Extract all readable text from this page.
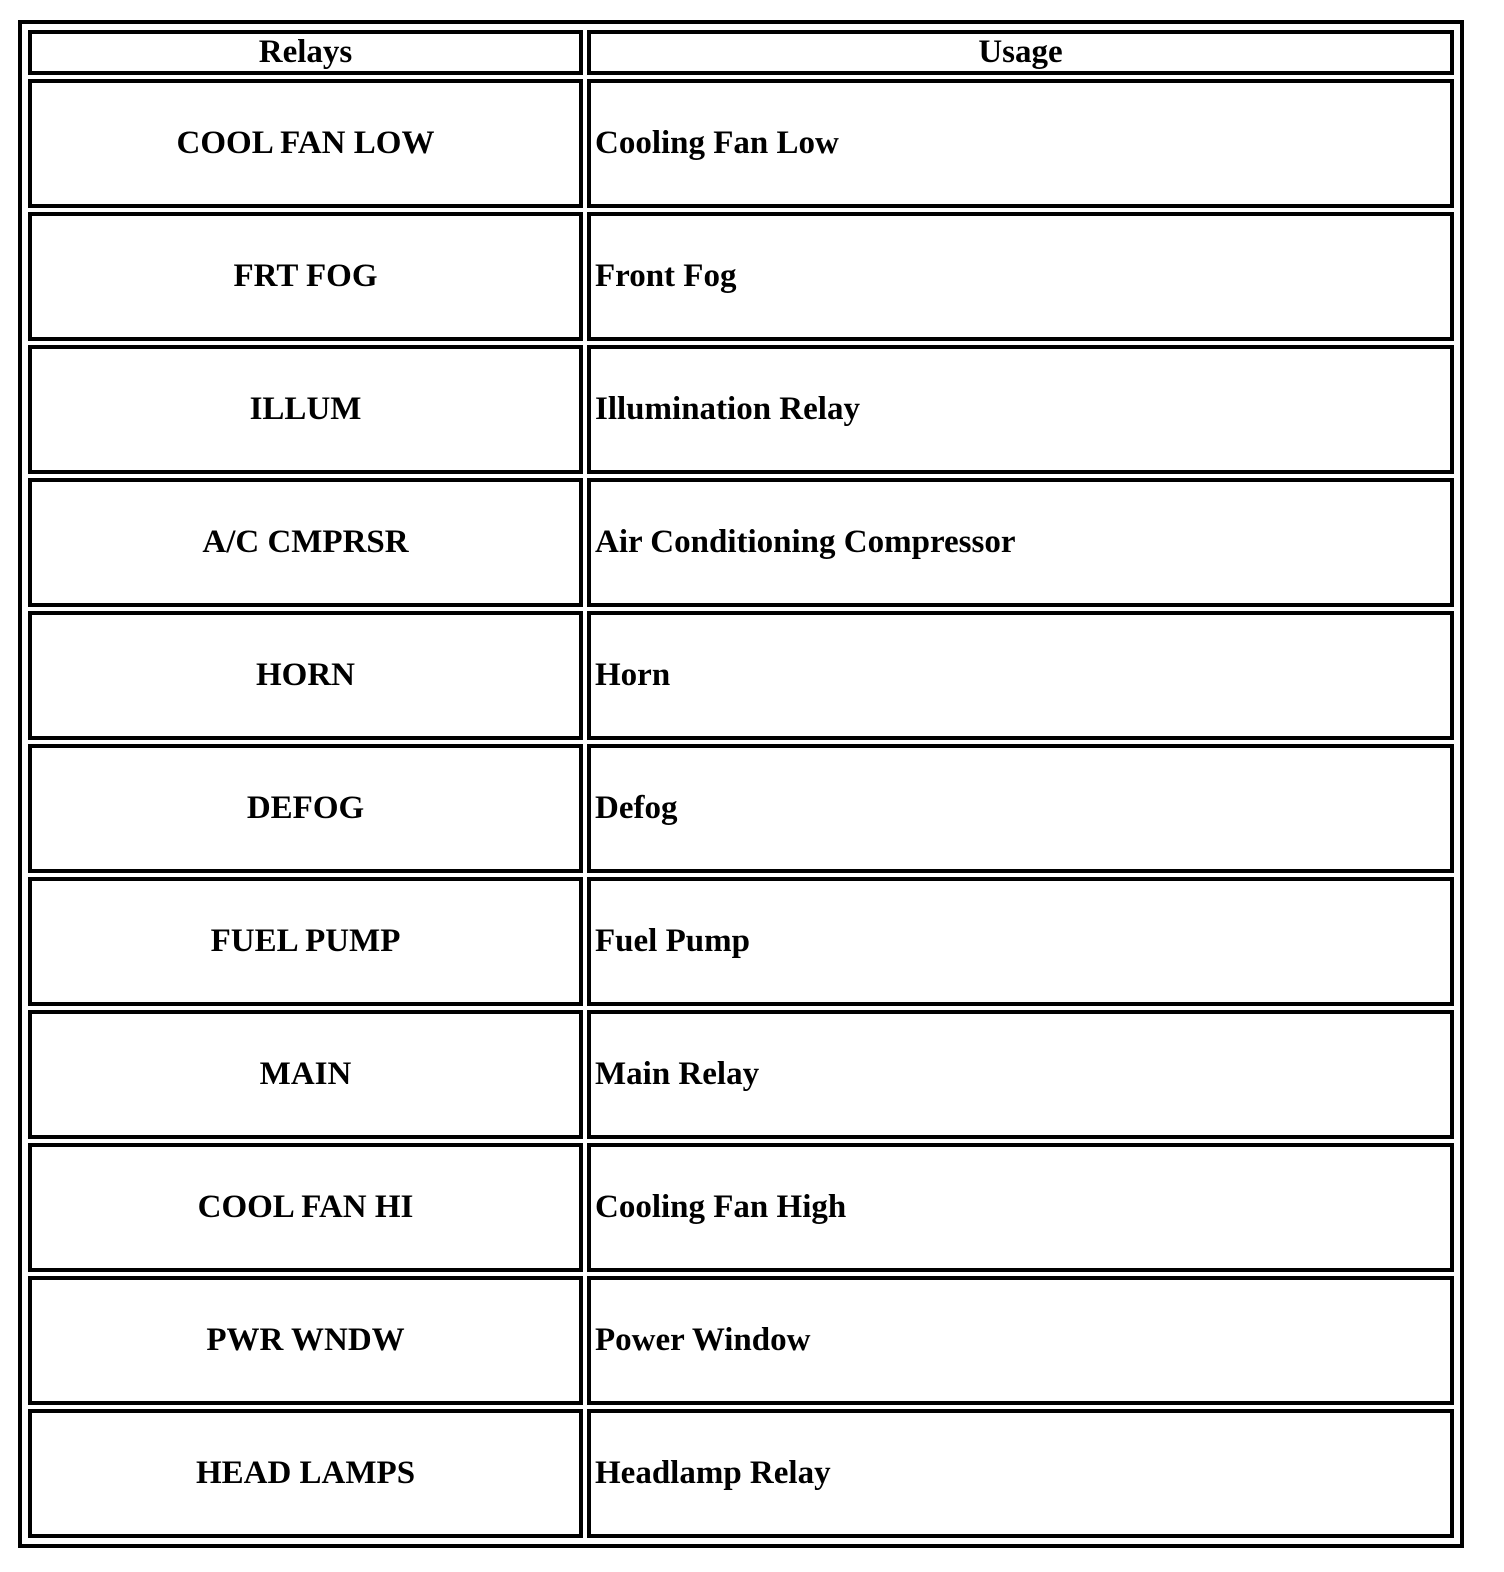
Relays	Usage
COOL FAN LOW	Cooling Fan Low
FRT FOG	Front Fog
ILLUM	Illumination Relay
A/C CMPRSR	Air Conditioning Compressor
HORN	Horn
DEFOG	Defog
FUEL PUMP	Fuel Pump
MAIN	Main Relay
COOL FAN HI	Cooling Fan High
PWR WNDW	Power Window
HEAD LAMPS	Headlamp Relay
